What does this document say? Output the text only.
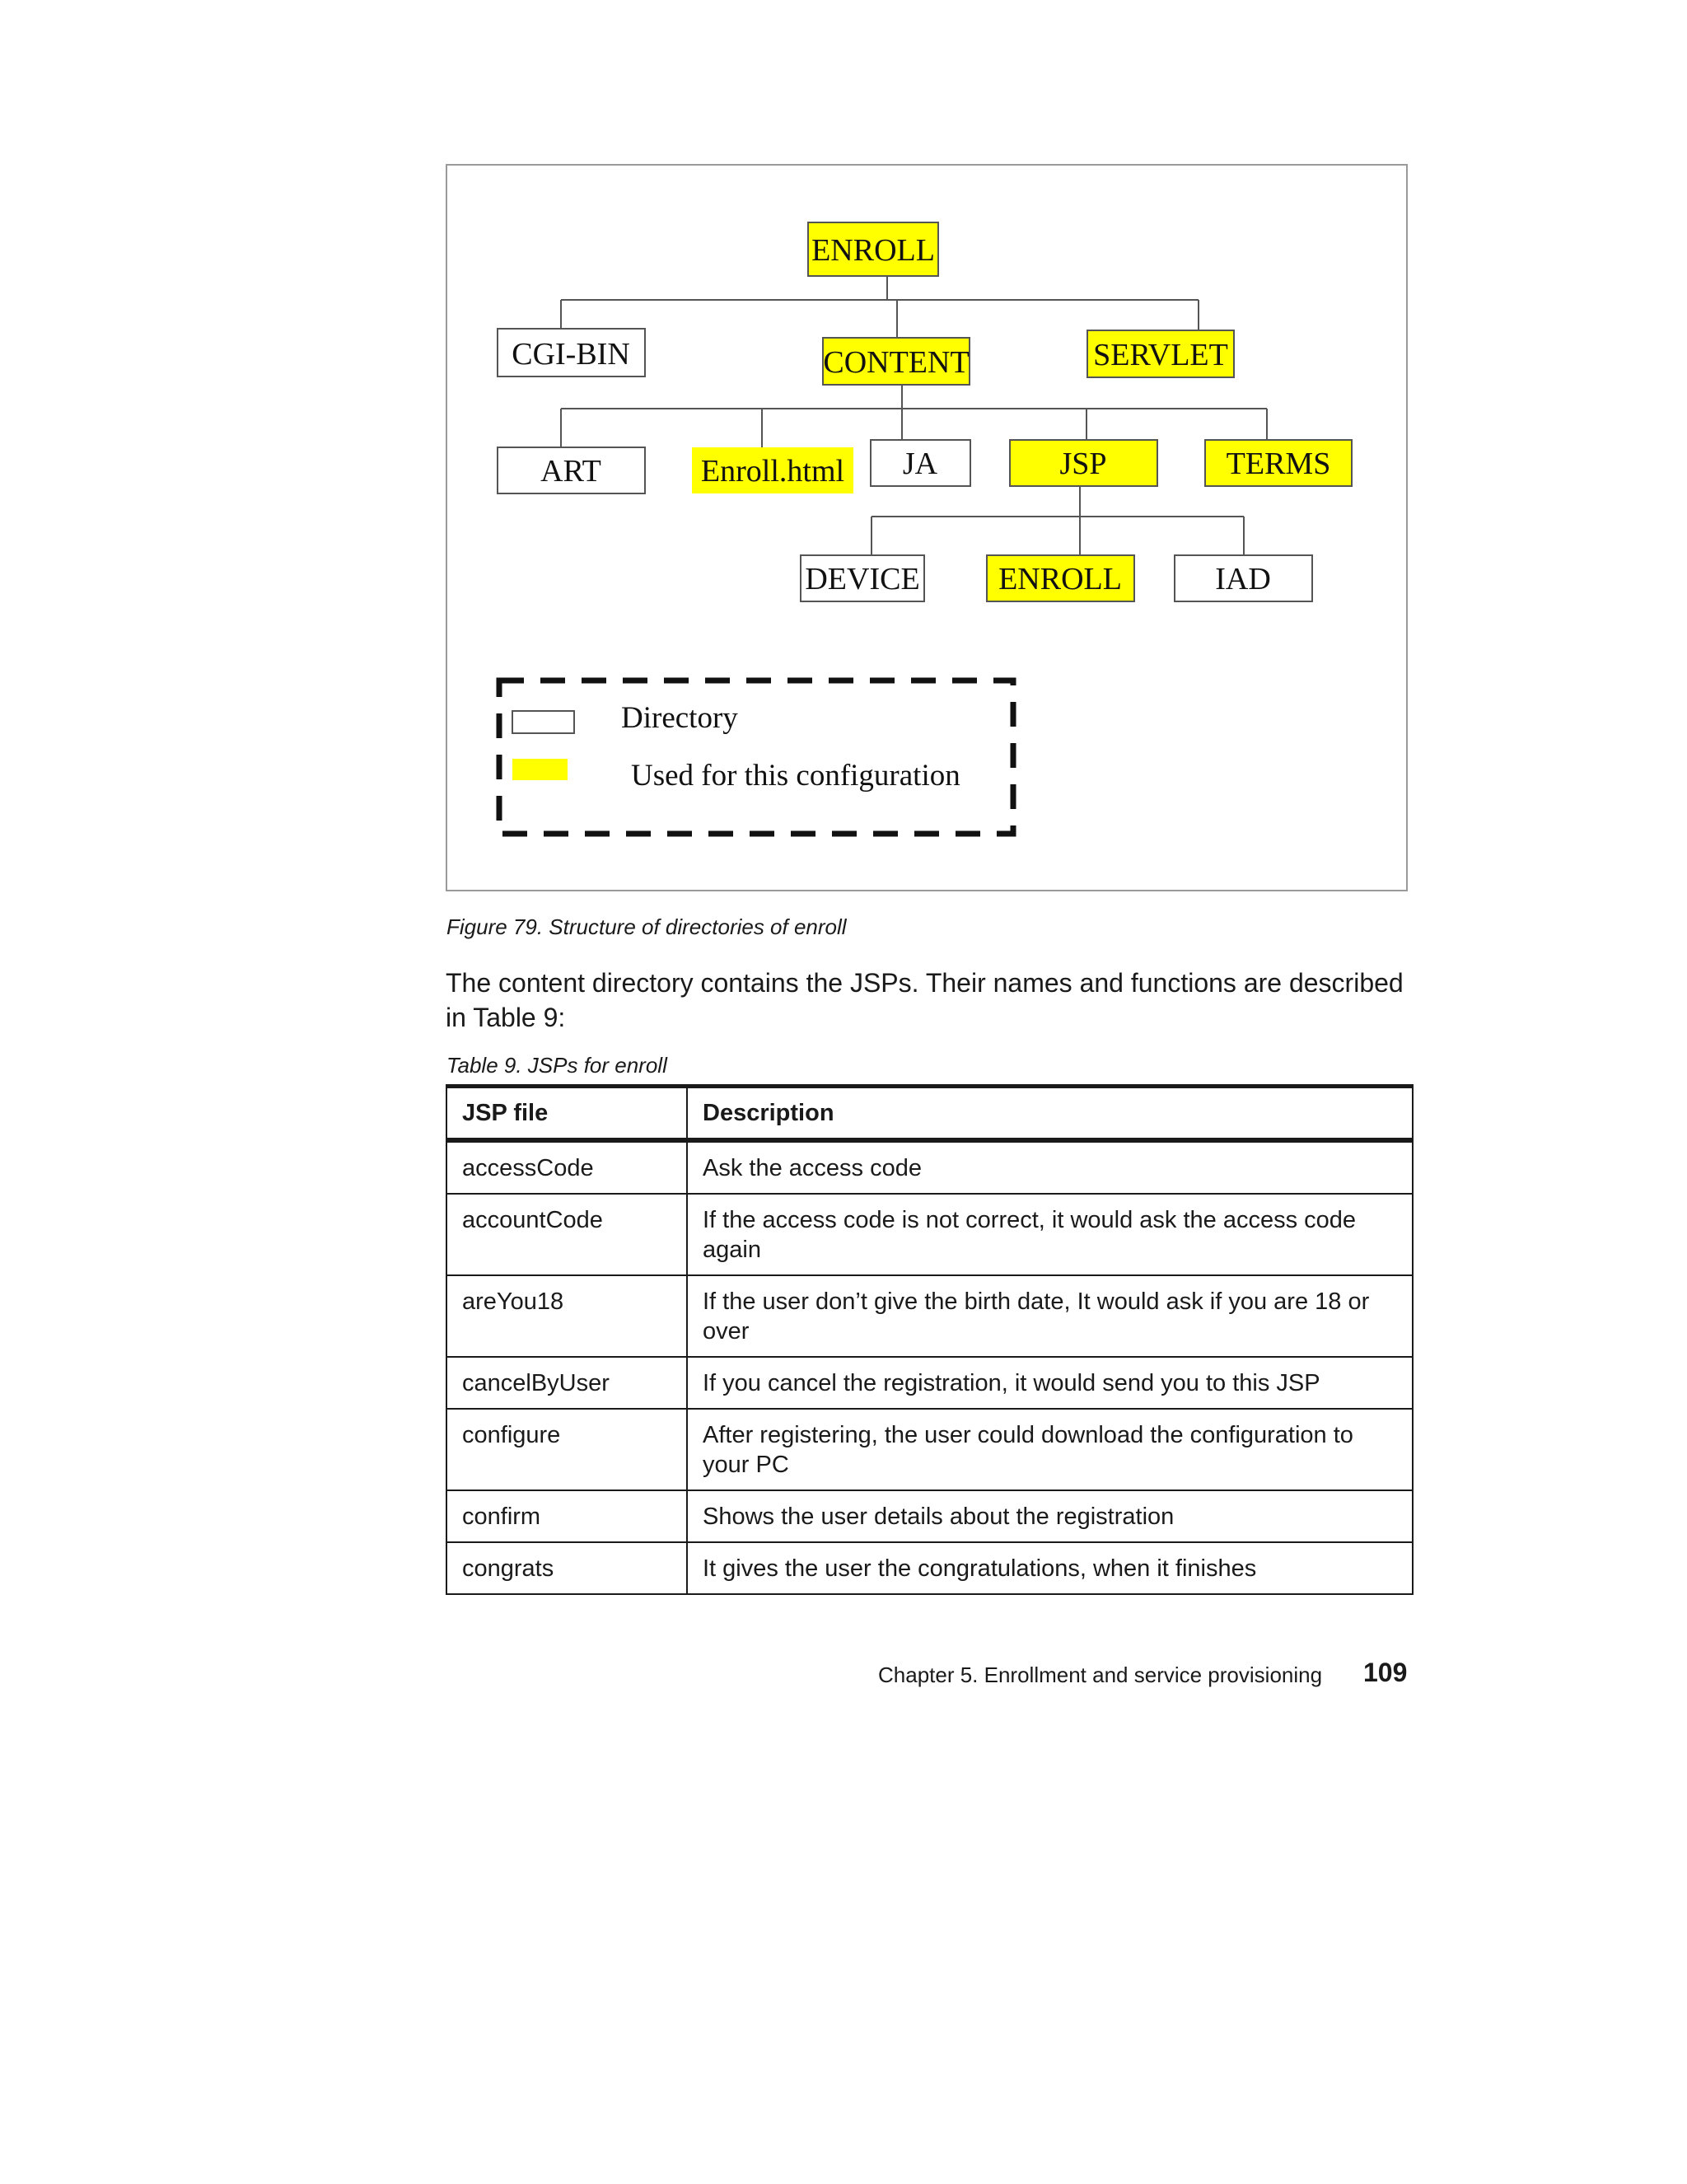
ENROLL
CGI-BIN	CONTENT	SERVLET
ART	Enroll.html JA	JSP	TERMS
DEVICE	ENROLL	IAD
Directory
Used for this configuration
Figure 79. Structure of directories of enroll

The content directory contains the JSPs. Their names and functions are described in Table 9:

Table 9. JSPs for enroll
JSP file	Description
accessCode	Ask the access code
accountCode	If the access code is not correct, it would ask the access code again
areYou18	If the user don’t give the birth date, It would ask if you are 18 or over
cancelByUser	If you cancel the registration, it would send you to this JSP
configure	After registering, the user could download the configuration to your PC
confirm	Shows the user details about the registration
congrats	It gives the user the congratulations, when it finishes
Chapter 5. Enrollment and service provisioning 109
